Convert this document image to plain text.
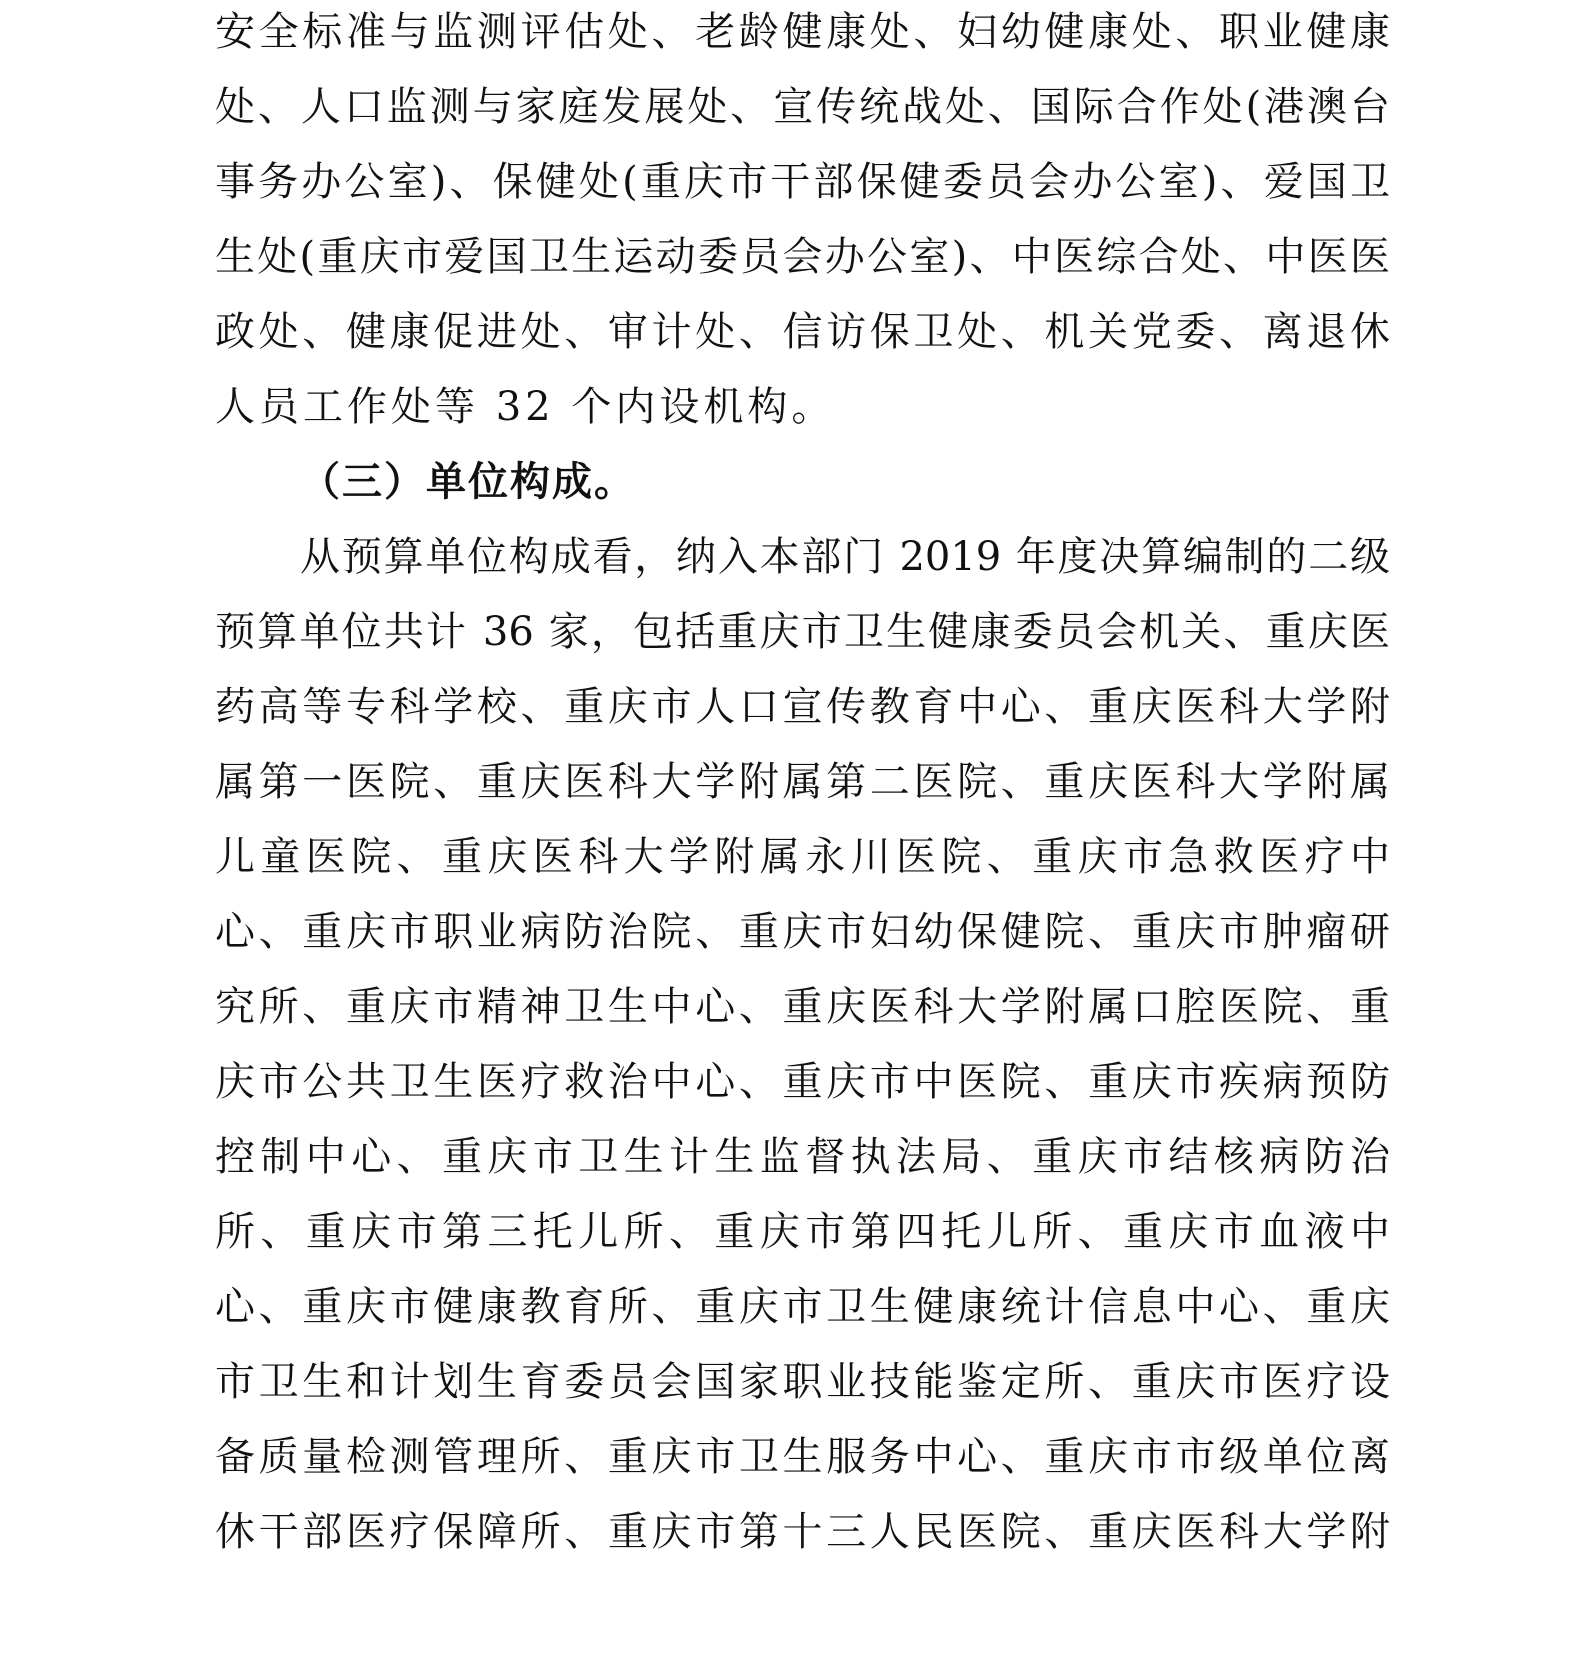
安全标准与监测评估处、老龄健康处、妇幼健康处、职业健康
处、人口监测与家庭发展处、宣传统战处、国际合作处(港澳台
事务办公室)、保健处(重庆市干部保健委员会办公室)、爱国卫
生处(重庆市爱国卫生运动委员会办公室)、中医综合处、中医医
政处、健康促进处、审计处、信访保卫处、机关党委、离退休
人员工作处等 32 个内设机构。
（三）单位构成。
从预算单位构成看，纳入本部门 2019 年度决算编制的二级
预算单位共计 36 家，包括重庆市卫生健康委员会机关、重庆医
药高等专科学校、重庆市人口宣传教育中心、重庆医科大学附
属第一医院、重庆医科大学附属第二医院、重庆医科大学附属
儿童医院、重庆医科大学附属永川医院、重庆市急救医疗中
心、重庆市职业病防治院、重庆市妇幼保健院、重庆市肿瘤研
究所、重庆市精神卫生中心、重庆医科大学附属口腔医院、重
庆市公共卫生医疗救治中心、重庆市中医院、重庆市疾病预防
控制中心、重庆市卫生计生监督执法局、重庆市结核病防治
所、重庆市第三托儿所、重庆市第四托儿所、重庆市血液中
心、重庆市健康教育所、重庆市卫生健康统计信息中心、重庆
市卫生和计划生育委员会国家职业技能鉴定所、重庆市医疗设
备质量检测管理所、重庆市卫生服务中心、重庆市市级单位离
休干部医疗保障所、重庆市第十三人民医院、重庆医科大学附
